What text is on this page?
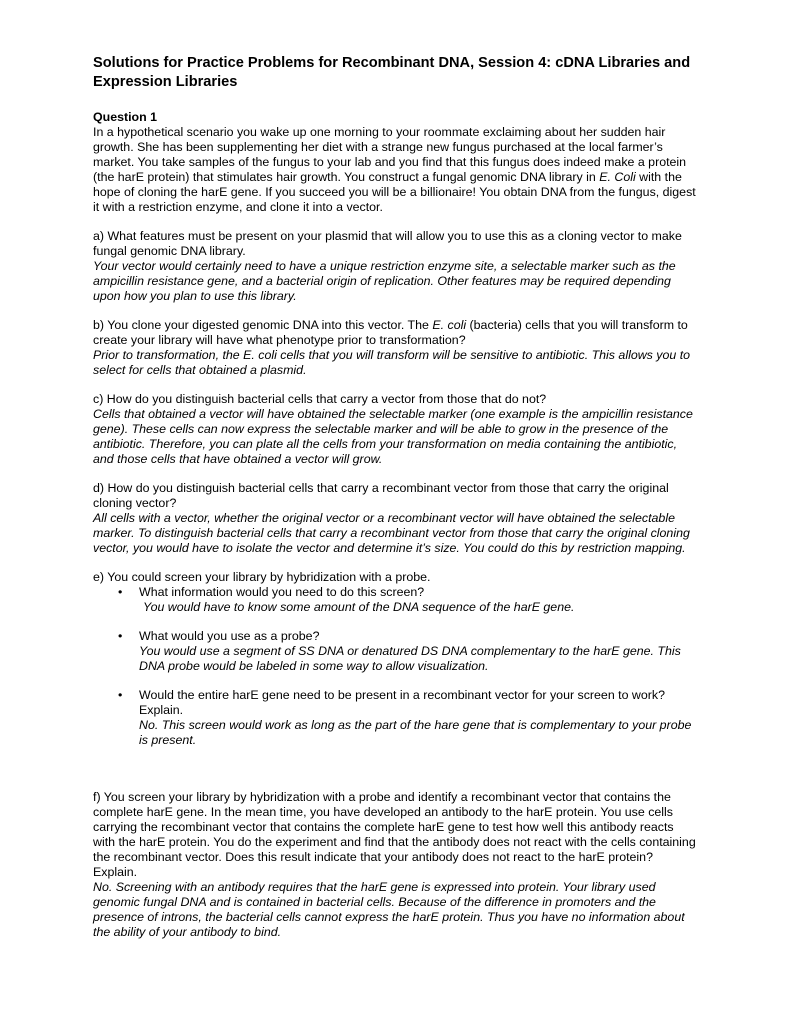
Solutions for Practice Problems for Recombinant DNA, Session 4: cDNA Libraries and Expression Libraries

Question 1

In a hypothetical scenario you wake up one morning to your roommate exclaiming about her sudden hair growth. She has been supplementing her diet with a strange new fungus purchased at the local farmer’s market. You take samples of the fungus to your lab and you find that this fungus does indeed make a protein (the harE protein) that stimulates hair growth. You construct a fungal genomic DNA library in E. Coli with the hope of cloning the harE gene. If you succeed you will be a billionaire! You obtain DNA from the fungus, digest it with a restriction enzyme, and clone it into a vector.

a) What features must be present on your plasmid that will allow you to use this as a cloning vector to make fungal genomic DNA library.

Your vector would certainly need to have a unique restriction enzyme site, a selectable marker such as the ampicillin resistance gene, and a bacterial origin of replication. Other features may be required depending upon how you plan to use this library.

b) You clone your digested genomic DNA into this vector. The E. coli (bacteria) cells that you will transform to create your library will have what phenotype prior to transformation?

Prior to transformation, the E. coli cells that you will transform will be sensitive to antibiotic. This allows you to select for cells that obtained a plasmid.

c) How do you distinguish bacterial cells that carry a vector from those that do not?

Cells that obtained a vector will have obtained the selectable marker (one example is the ampicillin resistance gene). These cells can now express the selectable marker and will be able to grow in the presence of the antibiotic. Therefore, you can plate all the cells from your transformation on media containing the antibiotic, and those cells that have obtained a vector will grow.

d) How do you distinguish bacterial cells that carry a recombinant vector from those that carry the original cloning vector?

All cells with a vector, whether the original vector or a recombinant vector will have obtained the selectable marker. To distinguish bacterial cells that carry a recombinant vector from those that carry the original cloning vector, you would have to isolate the vector and determine it’s size. You could do this by restriction mapping.

e) You could screen your library by hybridization with a probe.

• What information would you need to do this screen?

You would have to know some amount of the DNA sequence of the harE gene.

• What would you use as a probe?

You would use a segment of SS DNA or denatured DS DNA complementary to the harE gene. This DNA probe would be labeled in some way to allow visualization.

• Would the entire harE gene need to be present in a recombinant vector for your screen to work? Explain.

No. This screen would work as long as the part of the hare gene that is complementary to your probe is present.

f) You screen your library by hybridization with a probe and identify a recombinant vector that contains the complete harE gene. In the mean time, you have developed an antibody to the harE protein. You use cells carrying the recombinant vector that contains the complete harE gene to test how well this antibody reacts with the harE protein. You do the experiment and find that the antibody does not react with the cells containing the recombinant vector. Does this result indicate that your antibody does not react to the harE protein? Explain.

No. Screening with an antibody requires that the harE gene is expressed into protein. Your library used genomic fungal DNA and is contained in bacterial cells. Because of the difference in promoters and the presence of introns, the bacterial cells cannot express the harE protein. Thus you have no information about the ability of your antibody to bind.
